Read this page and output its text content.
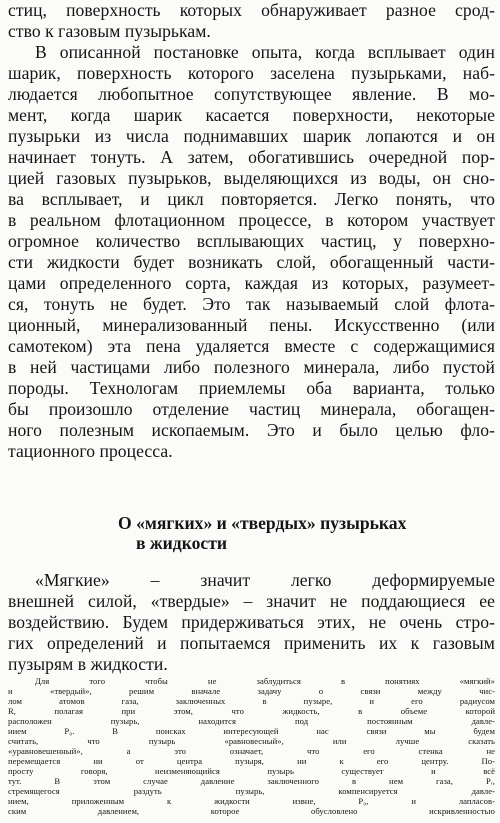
стиц, поверхность которых обнаруживает разное срод-
ство к газовым пузырькам.
В описанной постановке опыта, когда всплывает один
шарик, поверхность которого заселена пузырьками, наб-
людается любопытное сопутствующее явление. В мо-
мент, когда шарик касается поверхности, некоторые
пузырьки из числа поднимавших шарик лопаются и он
начинает тонуть. А затем, обогатившись очередной пор-
цией газовых пузырьков, выделяющихся из воды, он сно-
ва всплывает, и цикл повторяется. Легко понять, что
в реальном флотационном процессе, в котором участвует
огромное количество всплывающих частиц, у поверхно-
сти жидкости будет возникать слой, обогащенный части-
цами определенного сорта, каждая из которых, разумеет-
ся, тонуть не будет. Это так называемый слой флота-
ционный, минерализованный пены. Искусственно (или
самотеком) эта пена удаляется вместе с содержащимися
в ней частицами либо полезного минерала, либо пустой
породы. Технологам приемлемы оба варианта, только
бы произошло отделение частиц минерала, обогащен-
ного полезным ископаемым. Это и было целью фло-
тационного процесса.
О «мягких» и «твердых» пузырьках
в жидкости
«Мягкие» – значит легко деформируемые
внешней силой, «твердые» – значит не поддающиеся ее
воздействию. Будем придерживаться этих, не очень стро-
гих определений и попытаемся применить их к газовым
пузырям в жидкости.
Для того чтобы не заблудиться в понятиях «мягкий»
и «твердый», решим вначале задачу о связи между чис-
лом атомов газа, заключенных в пузыре, и его радиусом
R, полагая при этом, что жидкость, в объеме которой
расположен пузырь, находится под постоянным давле-
нием P₀. В поисках интересующей нас связи мы будем
считать, что пузырь «равновесный», или лучше сказать
«уравновешенный», а это означает, что его стенка не
перемещается ни от центра пузыря, ни к его центру. По-
просту говоря, неизменяющийся пузырь существует и всё
тут. В этом случае давление заключенного в нем газа, Pᵣ,
стремящегося раздуть пузырь, компенсируется давле-
нием, приложенным к жидкости извне, P₀, и лапласов-
ским давлением, которое обусловлено искривленностью
